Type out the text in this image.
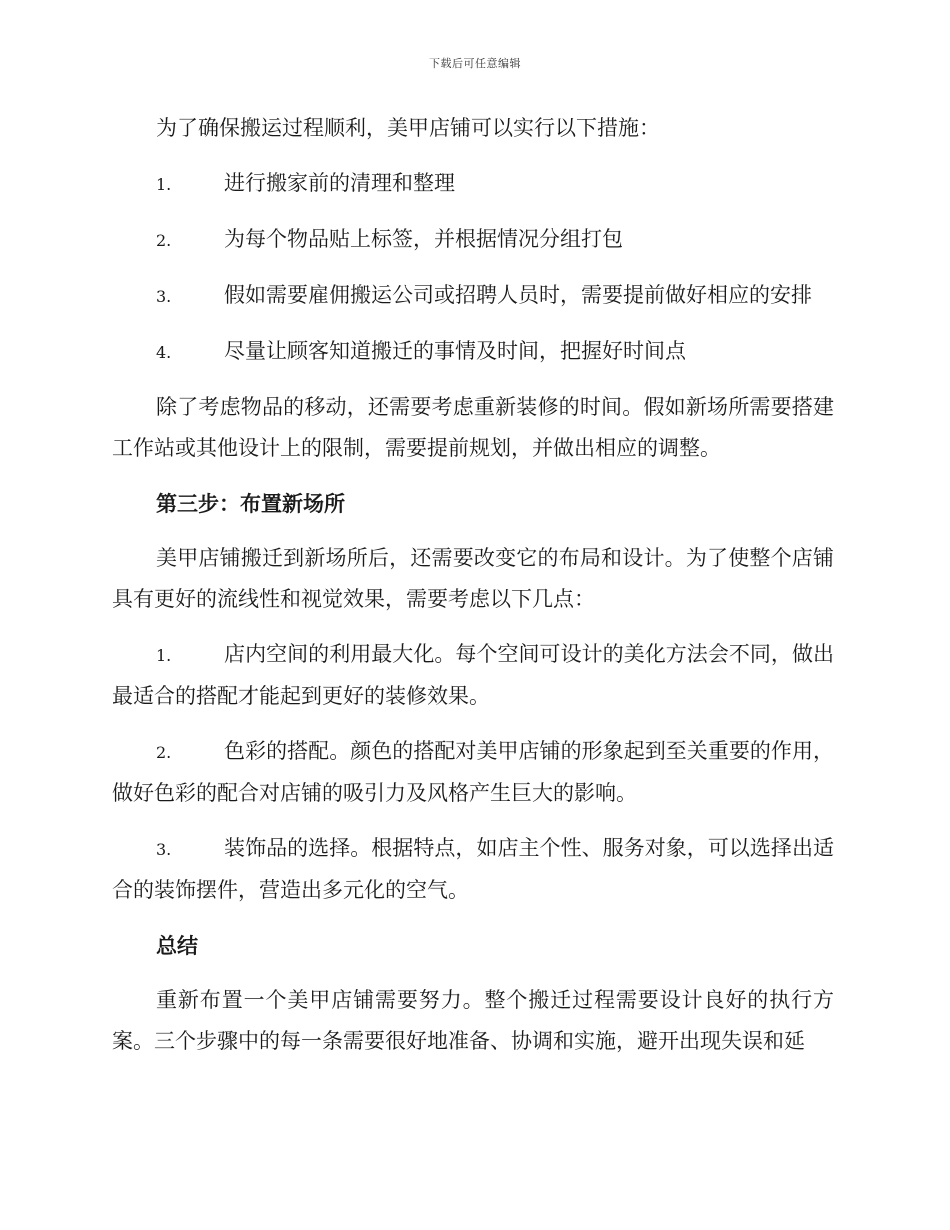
下载后可任意编辑

为了确保搬运过程顺利，美甲店铺可以实行以下措施：

1.	进行搬家前的清理和整理
2.	为每个物品贴上标签，并根据情况分组打包
3.	假如需要雇佣搬运公司或招聘人员时，需要提前做好相应的安排
4.	尽量让顾客知道搬迁的事情及时间，把握好时间点

除了考虑物品的移动，还需要考虑重新装修的时间。假如新场所需要搭建工作站或其他设计上的限制，需要提前规划，并做出相应的调整。

第三步：布置新场所

美甲店铺搬迁到新场所后，还需要改变它的布局和设计。为了使整个店铺具有更好的流线性和视觉效果，需要考虑以下几点：

1.	店内空间的利用最大化。每个空间可设计的美化方法会不同，做出最适合的搭配才能起到更好的装修效果。
2.	色彩的搭配。颜色的搭配对美甲店铺的形象起到至关重要的作用，做好色彩的配合对店铺的吸引力及风格产生巨大的影响。
3.	装饰品的选择。根据特点，如店主个性、服务对象，可以选择出适合的装饰摆件，营造出多元化的空气。
总结

重新布置一个美甲店铺需要努力。整个搬迁过程需要设计良好的执行方案。三个步骤中的每一条需要很好地准备、协调和实施，避开出现失误和延
